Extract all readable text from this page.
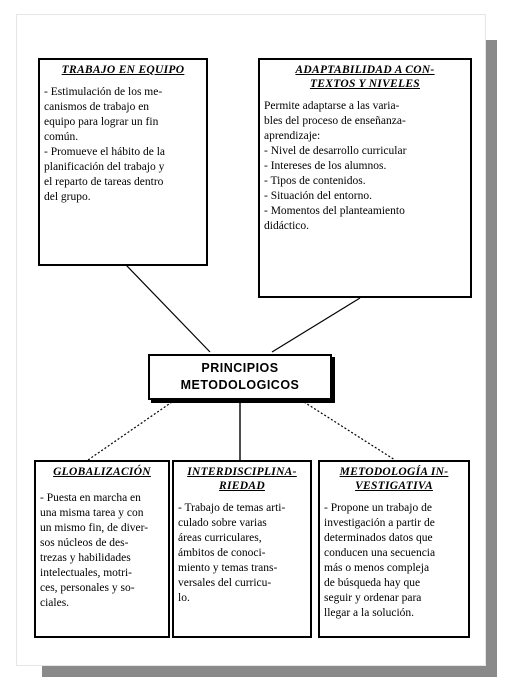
TRABAJO EN EQUIPO
- Estimulación de los me-
canismos de trabajo en
equipo para lograr un fin
común.
- Promueve el hábito de la
planificación del trabajo y
el reparto de tareas dentro
del grupo.
ADAPTABILIDAD A CON-
TEXTOS Y NIVELES
Permite adaptarse a las varia-
bles del proceso de enseñanza-
aprendizaje:
- Nivel de desarrollo curricular
- Intereses de los alumnos.
- Tipos de contenidos.
- Situación del entorno.
- Momentos del planteamiento
didáctico.
PRINCIPIOS
METODOLOGICOS
GLOBALIZACIÓN
- Puesta en marcha en
una misma tarea y con
un mismo fin, de diver-
sos núcleos de des-
trezas y habilidades
intelectuales, motri-
ces, personales y so-
ciales.
INTERDISCIPLINA-
RIEDAD
- Trabajo de temas arti-
culado sobre varias
áreas curriculares,
ámbitos de conoci-
miento y temas trans-
versales del curricu-
lo.
METODOLOGÍA IN-
VESTIGATIVA
- Propone un trabajo de
investigación a partir de
determinados datos que
conducen una secuencia
más o menos compleja
de búsqueda hay que
seguir y ordenar para
llegar a la solución.
